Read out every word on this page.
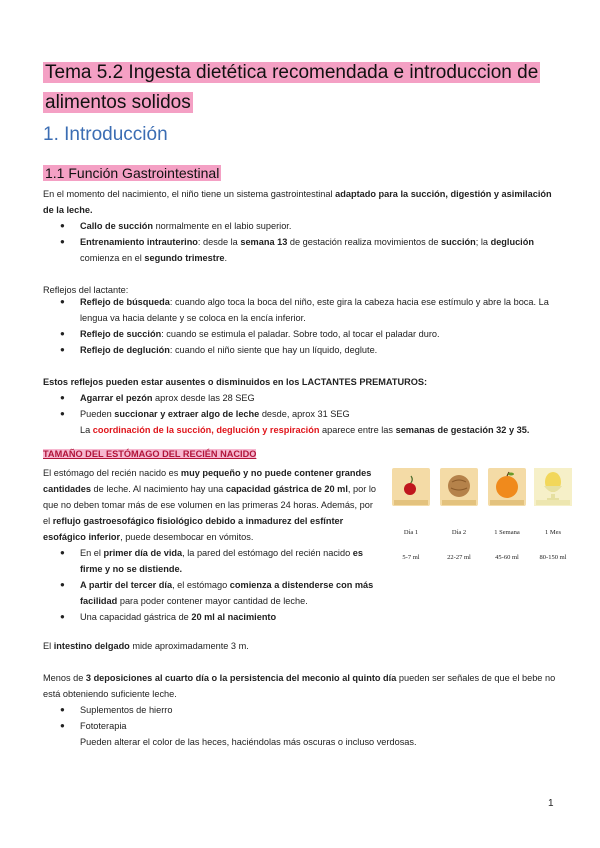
Tema 5.2 Ingesta dietética recomendada e introduccion de alimentos solidos
1. Introducción
1.1 Función Gastrointestinal
En el momento del nacimiento, el niño tiene un sistema gastrointestinal adaptado para la succión, digestión y asimilación de la leche.
● Callo de succión normalmente en el labio superior.
● Entrenamiento intrauterino: desde la semana 13 de gestación realiza movimientos de succión; la deglución comienza en el segundo trimestre.
Reflejos del lactante:
● Reflejo de búsqueda: cuando algo toca la boca del niño, este gira la cabeza hacia ese estímulo y abre la boca. La lengua va hacia delante y se coloca en la encía inferior.
● Reflejo de succión: cuando se estimula el paladar. Sobre todo, al tocar el paladar duro.
● Reflejo de deglución: cuando el niño siente que hay un líquido, deglute.
Estos reflejos pueden estar ausentes o disminuidos en los LACTANTES PREMATUROS:
● Agarrar el pezón aprox desde las 28 SEG
● Pueden succionar y extraer algo de leche desde, aprox 31 SEG
La coordinación de la succión, deglución y respiración aparece entre las semanas de gestación 32 y 35.
TAMAÑO DEL ESTÓMAGO DEL RECIÉN NACIDO
El estómago del recién nacido es muy pequeño y no puede contener grandes cantidades de leche. Al nacimiento hay una capacidad gástrica de 20 ml, por lo que no deben tomar más de ese volumen en las primeras 24 horas. Además, por el reflujo gastroesofágico fisiológico debido a inmadurez del esfínter esofágico inferior, puede desembocar en vómitos.
● En el primer día de vida, la pared del estómago del recién nacido es firme y no se distiende.
● A partir del tercer día, el estómago comienza a distenderse con más facilidad para poder contener mayor cantidad de leche.
● Una capacidad gástrica de 20 ml al nacimiento
Día 1	Día 2	1 Semana	1 Mes
5-7 ml	22-27 ml	45-60 ml	80-150 ml
El intestino delgado mide aproximadamente 3 m.
Menos de 3 deposiciones al cuarto día o la persistencia del meconio al quinto día pueden ser señales de que el bebe no está obteniendo suficiente leche.
● Suplementos de hierro
● Fototerapia
Pueden alterar el color de las heces, haciéndolas más oscuras o incluso verdosas.
1
